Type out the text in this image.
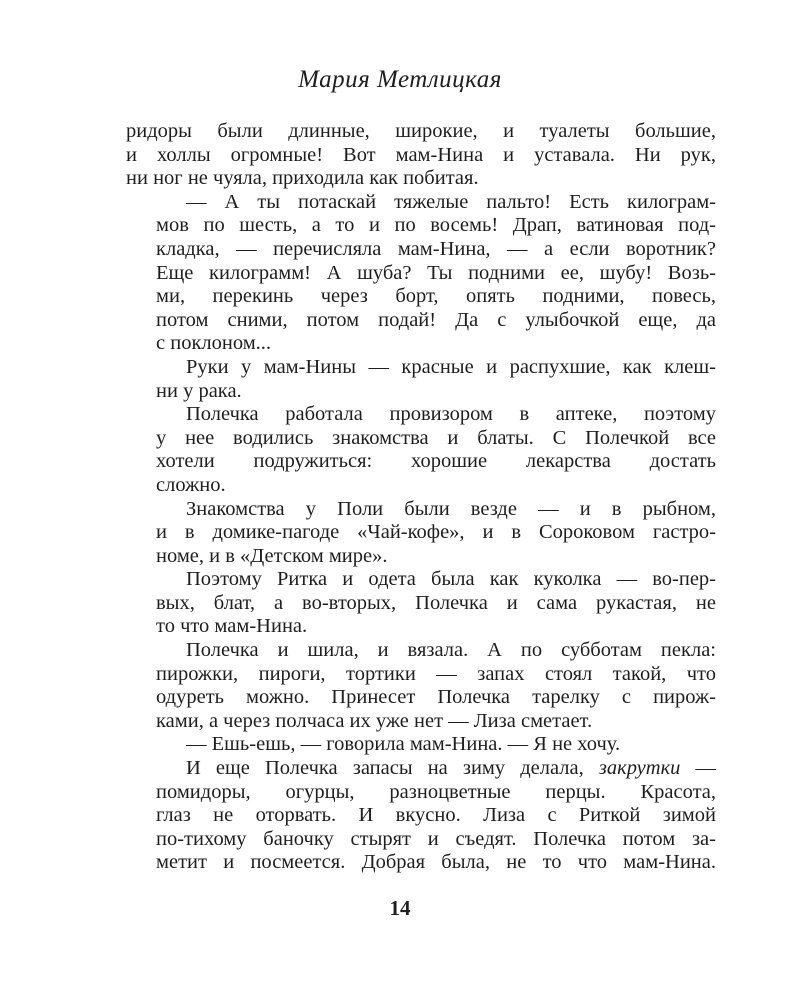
Мария Метлицкая

ридоры были длинные, широкие, и туалеты большие,
и холлы огромные! Вот мам-Нина и уставала. Ни рук,
ни ног не чуяла, приходила как побитая.

— А ты потаскай тяжелые пальто! Есть килограм-
мов по шесть, а то и по восемь! Драп, ватиновая под-
кладка, — перечисляла мам-Нина, — а если воротник?
Еще килограмм! А шуба? Ты подними ее, шубу! Возь-
ми, перекинь через борт, опять подними, повесь,
потом сними, потом подай! Да с улыбочкой еще, да
с поклоном...

Руки у мам-Нины — красные и распухшие, как клеш-
ни у рака.

Полечка работала провизором в аптеке, поэтому
у нее водились знакомства и блаты. С Полечкой все
хотели подружиться: хорошие лекарства достать
сложно.

Знакомства у Поли были везде — и в рыбном,
и в домике-пагоде «Чай-кофе», и в Сороковом гастро-
номе, и в «Детском мире».

Поэтому Ритка и одета была как куколка — во-пер-
вых, блат, а во-вторых, Полечка и сама рукастая, не
то что мам-Нина.

Полечка и шила, и вязала. А по субботам пекла:
пирожки, пироги, тортики — запах стоял такой, что
одуреть можно. Принесет Полечка тарелку с пирож-
ками, а через полчаса их уже нет — Лиза сметает.

— Ешь-ешь, — говорила мам-Нина. — Я не хочу.

И еще Полечка запасы на зиму делала, закрутки —
помидоры, огурцы, разноцветные перцы. Красота,
глаз не оторвать. И вкусно. Лиза с Риткой зимой
по-тихому баночку стырят и съедят. Полечка потом за-
метит и посмеется. Добрая была, не то что мам-Нина.

14
